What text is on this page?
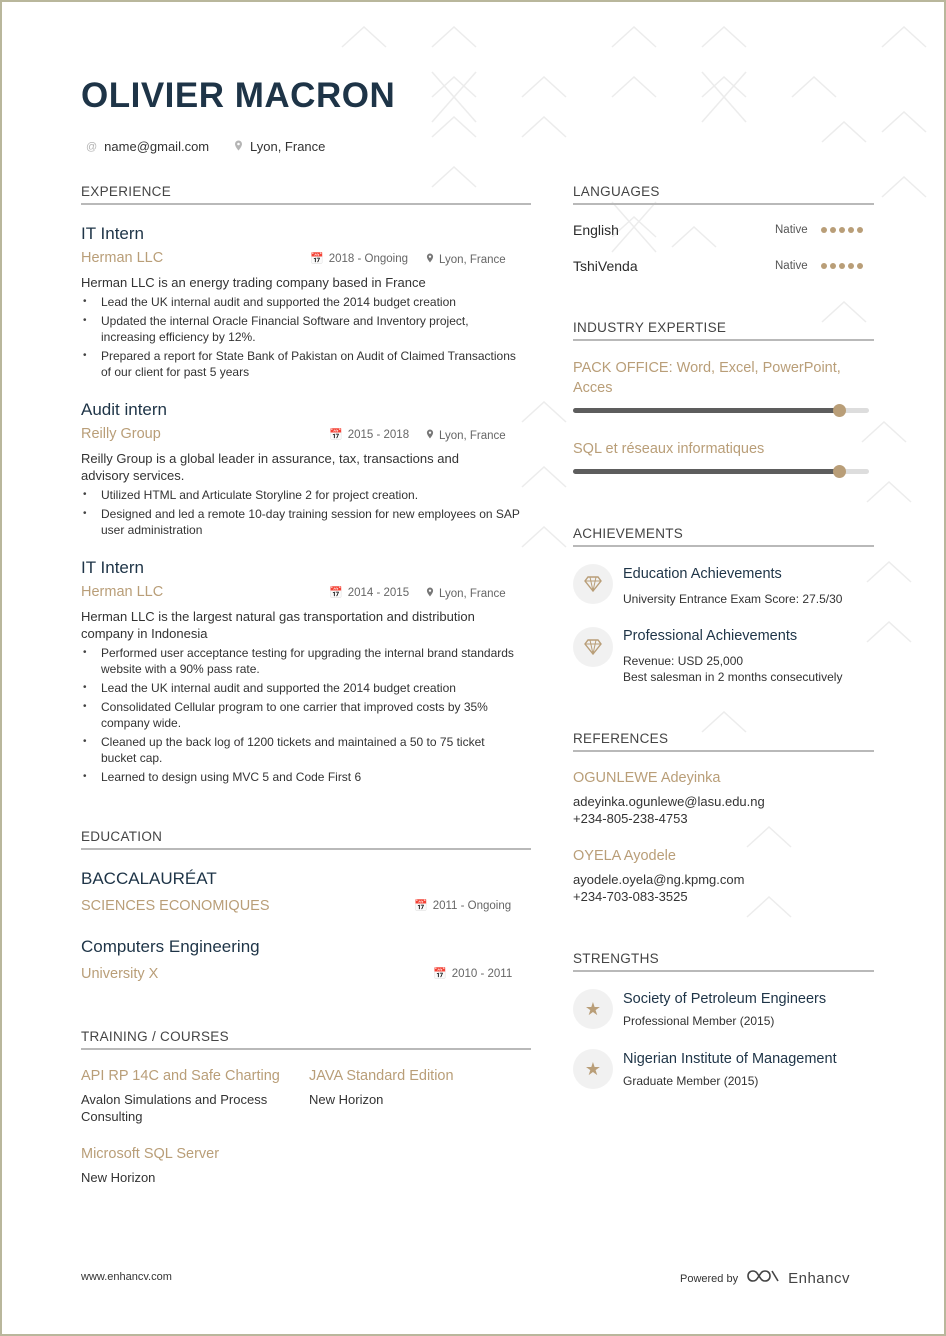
OLIVIER MACRON
@ name@gmail.com	Lyon, France
EXPERIENCE
IT Intern
Herman LLC	📅 2018 - Ongoing	Lyon, France
Herman LLC is an energy trading company based in France
• Lead the UK internal audit and supported the 2014 budget creation
• Updated the internal Oracle Financial Software and Inventory project, increasing efficiency by 12%.
• Prepared a report for State Bank of Pakistan on Audit of Claimed Transactions of our client for past 5 years
Audit intern
Reilly Group	📅 2015 - 2018	Lyon, France
Reilly Group is a global leader in assurance, tax, transactions and advisory services.
• Utilized HTML and Articulate Storyline 2 for project creation.
• Designed and led a remote 10-day training session for new employees on SAP user administration
IT Intern
Herman LLC	📅 2014 - 2015	Lyon, France
Herman LLC is the largest natural gas transportation and distribution company in Indonesia
• Performed user acceptance testing for upgrading the internal brand standards website with a 90% pass rate.
• Lead the UK internal audit and supported the 2014 budget creation
• Consolidated Cellular program to one carrier that improved costs by 35% company wide.
• Cleaned up the back log of 1200 tickets and maintained a 50 to 75 ticket bucket cap.
• Learned to design using MVC 5 and Code First 6
EDUCATION
BACCALAURÉAT
SCIENCES ECONOMIQUES	📅 2011 - Ongoing
Computers Engineering
University X	📅 2010 - 2011
TRAINING / COURSES
API RP 14C and Safe Charting
Avalon Simulations and Process Consulting
JAVA Standard Edition
New Horizon
Microsoft SQL Server
New Horizon
LANGUAGES
English	Native
TshiVenda	Native
INDUSTRY EXPERTISE
PACK OFFICE: Word, Excel, PowerPoint, Acces
SQL et réseaux informatiques
ACHIEVEMENTS
Education Achievements
University Entrance Exam Score: 27.5/30
Professional Achievements
Revenue: USD 25,000
Best salesman in 2 months consecutively
REFERENCES
OGUNLEWE Adeyinka
adeyinka.ogunlewe@lasu.edu.ng
+234-805-238-4753
OYELA Ayodele
ayodele.oyela@ng.kpmg.com
+234-703-083-3525
STRENGTHS
★	Society of Petroleum Engineers
Professional Member (2015)
★	Nigerian Institute of Management
Graduate Member (2015)
www.enhancv.com	Powered by	Enhancv
